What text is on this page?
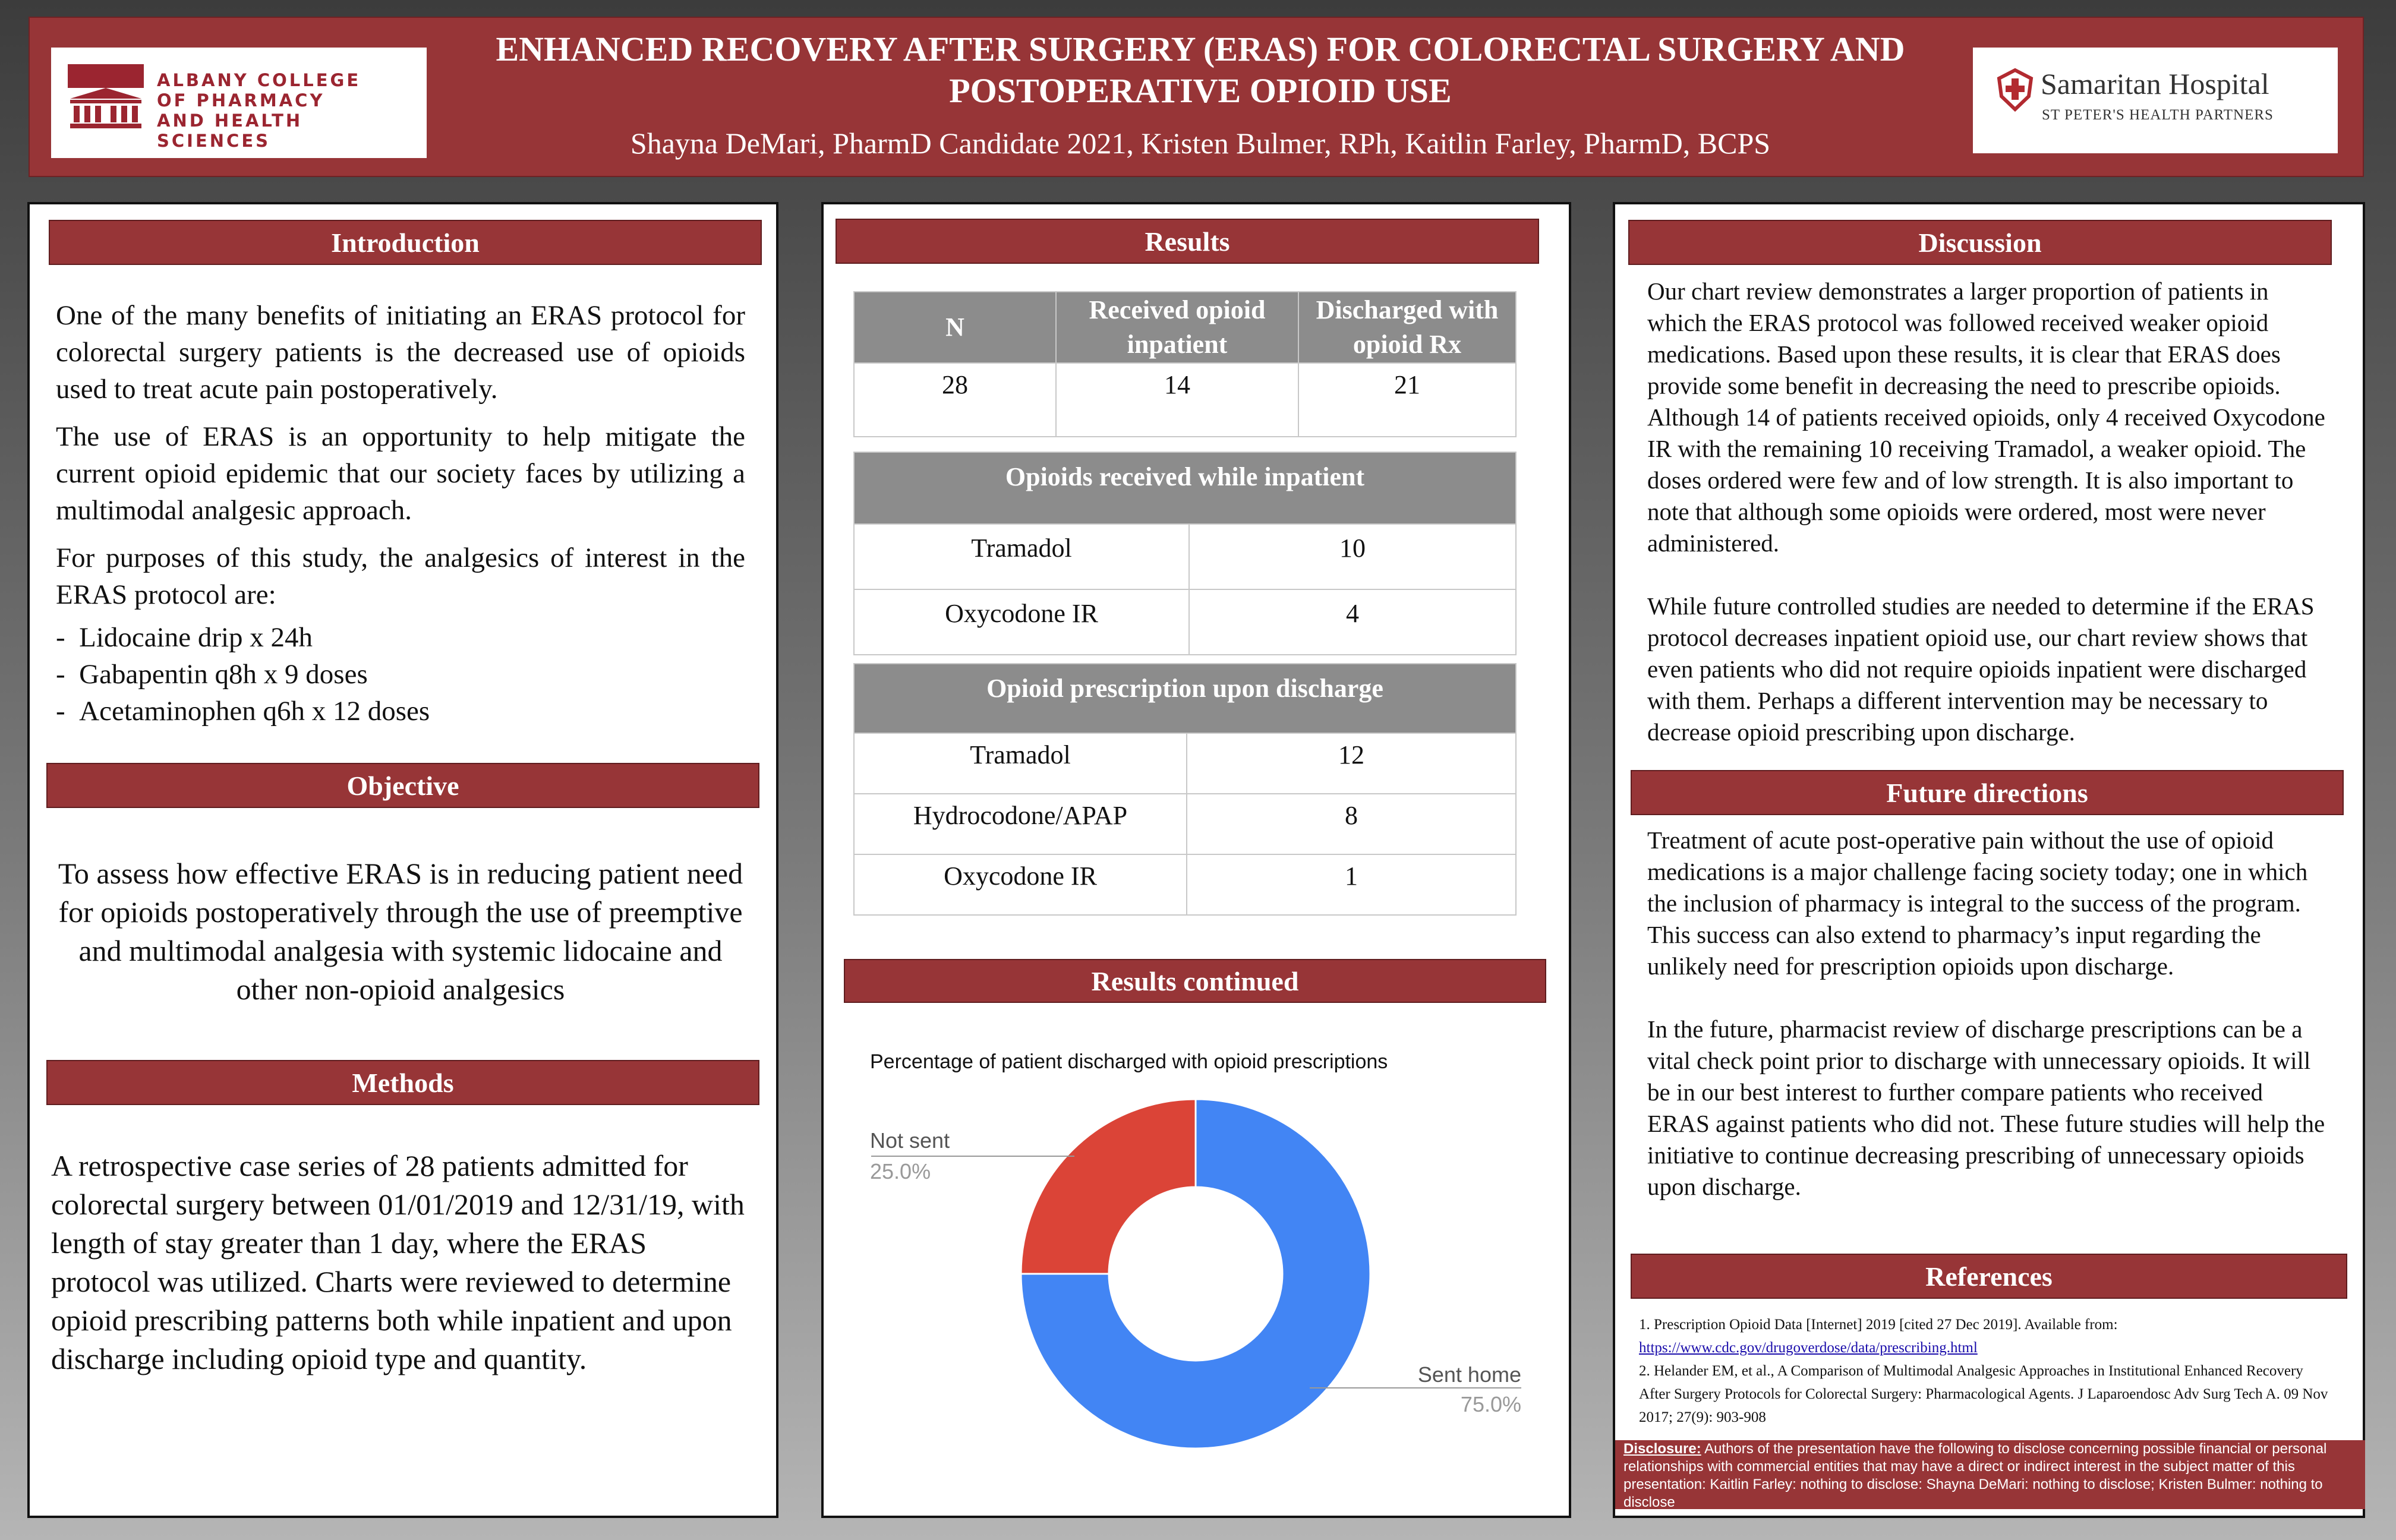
ALBANY COLLEGE
OF PHARMACY
AND HEALTH SCIENCES
ENHANCED RECOVERY AFTER SURGERY (ERAS) FOR COLORECTAL SURGERY AND POSTOPERATIVE OPIOID USE
Shayna DeMari, PharmD Candidate 2021, Kristen Bulmer, RPh, Kaitlin Farley, PharmD, BCPS
Samaritan Hospital
ST PETER'S HEALTH PARTNERS
Introduction

One of the many benefits of initiating an ERAS protocol for colorectal surgery patients is the decreased use of opioids used to treat acute pain postoperatively.

The use of ERAS is an opportunity to help mitigate the current opioid epidemic that our society faces by utilizing a multimodal analgesic approach.

For purposes of this study, the analgesics of interest in the ERAS protocol are:

-  Lidocaine drip x 24h
-  Gabapentin q8h x 9 doses
-  Acetaminophen q6h x 12 doses
Objective
To assess how effective ERAS is in reducing patient need for opioids postoperatively through the use of preemptive and multimodal analgesia with systemic lidocaine and other non-opioid analgesics
Methods
A retrospective case series of 28 patients admitted for colorectal surgery between 01/01/2019 and 12/31/19, with length of stay greater than 1 day, where the ERAS protocol was utilized. Charts were reviewed to determine opioid prescribing patterns both while inpatient and upon discharge including opioid type and quantity.
Results
N	Received opioid inpatient	Discharged with opioid Rx
28	14	21
Opioids received while inpatient	
Tramadol	10
Oxycodone IR	4
Opioid prescription upon discharge	
Tramadol	12
Hydrocodone/APAP	8
Oxycodone IR	1
Results continued
Percentage of patient discharged with opioid prescriptions
Not sent
25.0%
Sent home
75.0%
Discussion

Our chart review demonstrates a larger proportion of patients in which the ERAS protocol was followed received weaker opioid medications. Based upon these results, it is clear that ERAS does provide some benefit in decreasing the need to prescribe opioids. Although 14 of patients received opioids, only 4 received Oxycodone IR with the remaining 10 receiving Tramadol, a weaker opioid. The doses ordered were few and of low strength. It is also important to note that although some opioids were ordered, most were never administered.

While future controlled studies are needed to determine if the ERAS protocol decreases inpatient opioid use, our chart review shows that even patients who did not require opioids inpatient were discharged with them. Perhaps a different intervention may be necessary to decrease opioid prescribing upon discharge.

Future directions

Treatment of acute post-operative pain without the use of opioid medications is a major challenge facing society today; one in which the inclusion of pharmacy is integral to the success of the program. This success can also extend to pharmacy’s input regarding the unlikely need for prescription opioids upon discharge.

In the future, pharmacist review of discharge prescriptions can be a vital check point prior to discharge with unnecessary opioids. It will be in our best interest to further compare patients who received ERAS against patients who did not. These future studies will help the initiative to continue decreasing prescribing of unnecessary opioids upon discharge.

References

1. Prescription Opioid Data [Internet] 2019 [cited 27 Dec 2019]. Available from:

https://www.cdc.gov/drugoverdose/data/prescribing.html

2. Helander EM, et al., A Comparison of Multimodal Analgesic Approaches in Institutional Enhanced Recovery After Surgery Protocols for Colorectal Surgery: Pharmacological Agents. J Laparoendosc Adv Surg Tech A. 09 Nov 2017; 27(9): 903-908

Disclosure: Authors of the presentation have the following to disclose concerning possible financial or personal relationships with commercial entities that may have a direct or indirect interest in the subject matter of this presentation: Kaitlin Farley: nothing to disclose: Shayna DeMari: nothing to disclose; Kristen Bulmer: nothing to disclose
